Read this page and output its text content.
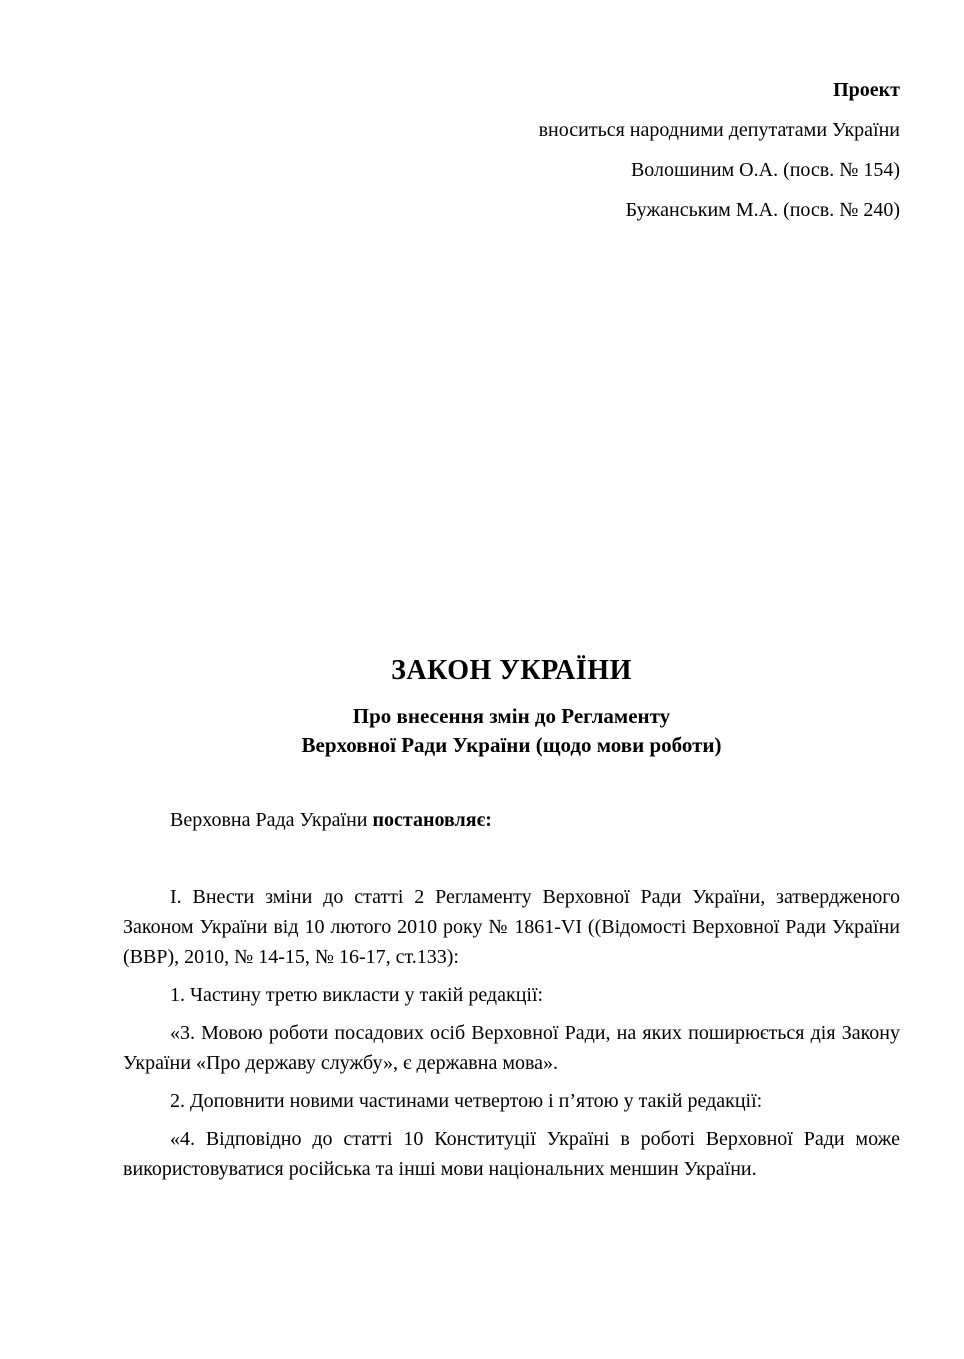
Проект
вноситься народними депутатами України
Волошиним О.А. (посв. № 154)
Бужанським М.А. (посв. № 240)
ЗАКОН УКРАЇНИ
Про внесення змін до Регламенту
Верховної Ради України (щодо мови роботи)

Верховна Рада України постановляє:

І. Внести зміни до статті 2 Регламенту Верховної Ради України, затвердженого Законом України від 10 лютого 2010 року № 1861-VI ((Відомості Верховної Ради України (ВВР), 2010, № 14-15, № 16-17, ст.133):

1. Частину третю викласти у такій редакції:

«3. Мовою роботи посадових осіб Верховної Ради, на яких поширюється дія Закону України «Про державу службу», є державна мова».

2. Доповнити новими частинами четвертою і п’ятою у такій редакції:

«4. Відповідно до статті 10 Конституції Україні в роботі Верховної Ради може використовуватися російська та інші мови національних меншин України.
